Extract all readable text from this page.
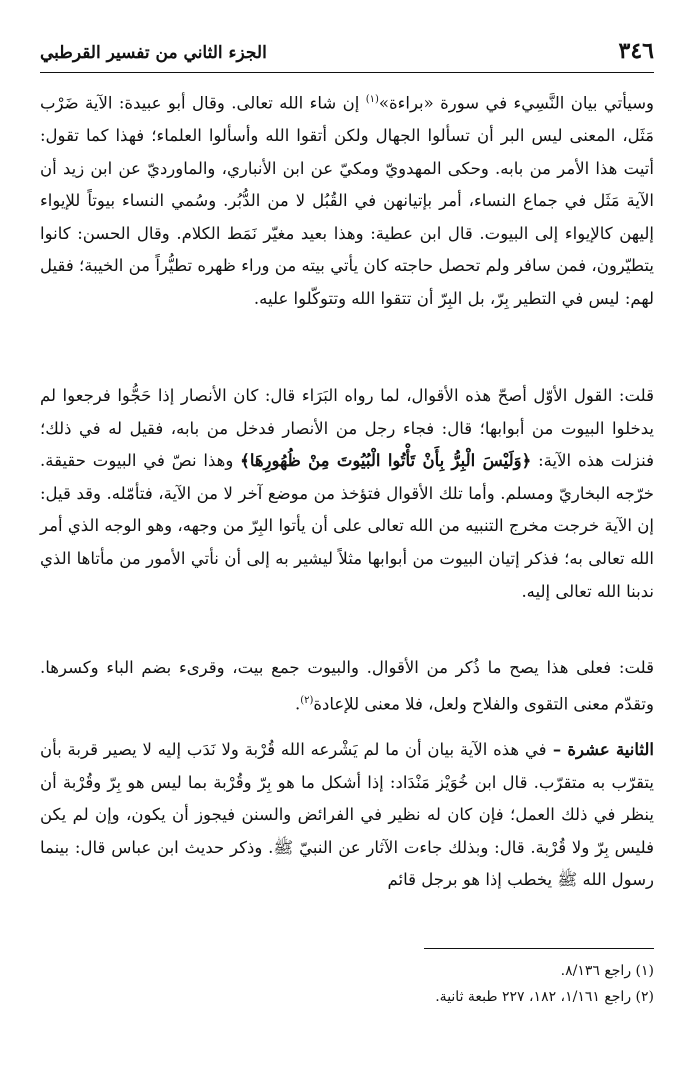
٣٤٦
الجزء الثاني من تفسير القرطبي

وسيأتي بيان النَّسِيء في سورة «براءة»$^{(١)}$ إن شاء الله تعالى. وقال أبو عبيدة: الآية ضَرْب مَثَل، المعنى ليس البر أن تسألوا الجهال ولكن أتقوا الله وأسألوا العلماء؛ فهذا كما تقول: أتيت هذا الأمر من بابه. وحكى المهدويّ ومكيّ عن ابن الأنباري، والماورديّ عن ابن زيد أن الآية مَثَل في جماع النساء، أمر بإتيانهن في القُبُل لا من الدُّبُر. وسُمي النساء بيوتاً للإيواء إليهن كالإيواء إلى البيوت. قال ابن عطية: وهذا بعيد مغيّر نَمَط الكلام. وقال الحسن: كانوا يتطيّرون، فمن سافر ولم تحصل حاجته كان يأتي بيته من وراء ظهره تطيُّراً من الخيبة؛ فقيل لهم: ليس في التطير بِرّ، بل البِرّ أن تتقوا الله وتتوكّلوا عليه.

قلت: القول الأوّل أصحّ هذه الأقوال، لما رواه البَرَاء قال: كان الأنصار إذا حَجُّوا فرجعوا لم يدخلوا البيوت من أبوابها؛ قال: فجاء رجل من الأنصار فدخل من بابه، فقيل له في ذلك؛ فنزلت هذه الآية: ﴿وَلَيْسَ الْبِرُّ بِأَنْ تَأْتُوا الْبُيُوتَ مِنْ ظُهُورِهَا﴾ وهذا نصّ في البيوت حقيقة. خرّجه البخاريّ ومسلم. وأما تلك الأقوال فتؤخذ من موضع آخر لا من الآية، فتأمّله. وقد قيل: إن الآية خرجت مخرج التنبيه من الله تعالى على أن يأتوا البِرّ من وجهه، وهو الوجه الذي أمر الله تعالى به؛ فذكر إتيان البيوت من أبوابها مثلاً ليشير به إلى أن نأتي الأمور من مأتاها الذي ندبنا الله تعالى إليه.

قلت: فعلى هذا يصح ما ذُكر من الأقوال. والبيوت جمع بيت، وقرىء بضم الباء وكسرها. وتقدّم معنى التقوى والفلاح ولعل، فلا معنى للإعادة$^{(٢)}$.

الثانية عشرة – في هذه الآية بيان أن ما لم يَشْرعه الله قُرْبة ولا نَدَب إليه لا يصير قربة بأن يتقرّب به متقرّب. قال ابن خُوَيْز مَنْدَاد: إذا أشكل ما هو بِرّ وقُرْبة بما ليس هو بِرّ وقُرْبة أن ينظر في ذلك العمل؛ فإن كان له نظير في الفرائض والسنن فيجوز أن يكون، وإن لم يكن فليس بِرّ ولا قُرْبة. قال: وبذلك جاءت الآثار عن النبيّ ﷺ. وذكر حديث ابن عباس قال: بينما رسول الله ﷺ يخطب إذا هو برجل قائم

(١) راجع ٨/١٣٦.

(٢) راجع ١/١٦١، ١٨٢، ٢٢٧ طبعة ثانية.
